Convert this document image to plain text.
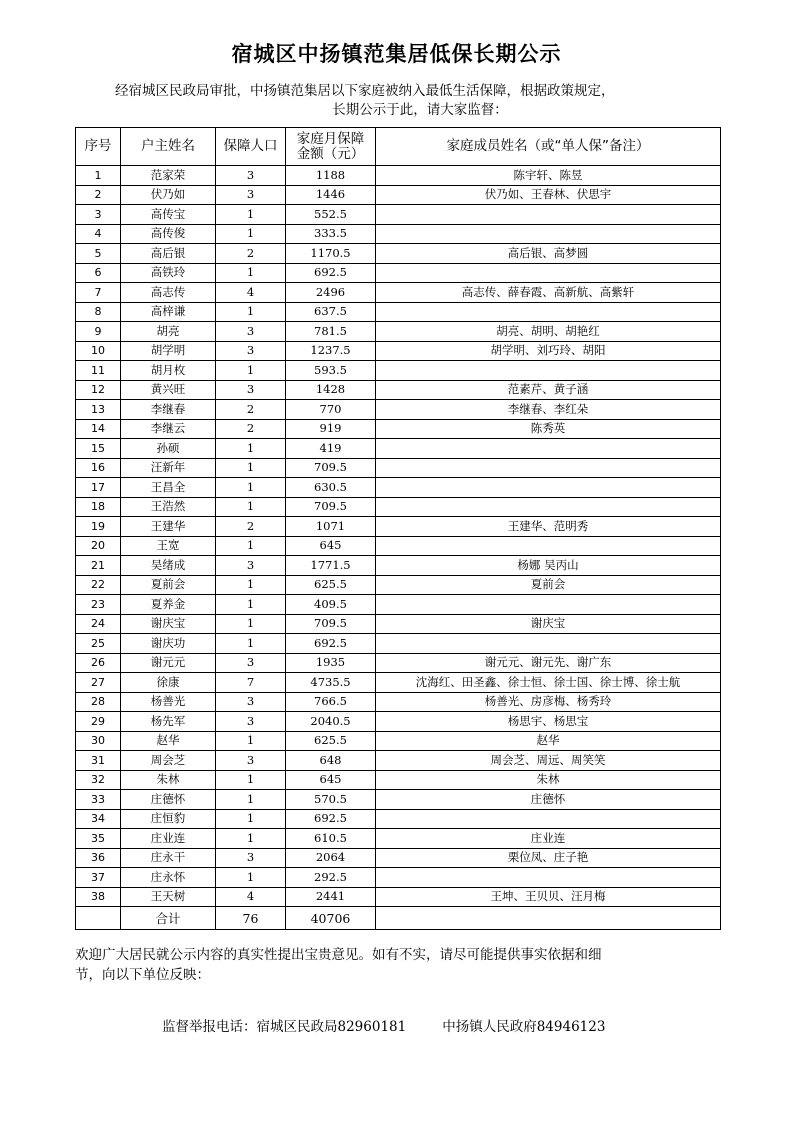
宿城区中扬镇范集居低保长期公示
经宿城区民政局审批，中扬镇范集居以下家庭被纳入最低生活保障，根据政策规定，
长期公示于此，请大家监督：
序号	户主姓名	保障人口	家庭月保障
金额（元）	家庭成员姓名（或“单人保”备注）
1	范家荣	3	1188	陈宇轩、陈昱
2	伏乃如	3	1446	伏乃如、王春林、伏思宇
3	高传宝	1	552.5	
4	高传俊	1	333.5	
5	高后银	2	1170.5	高后银、高梦圆
6	高铁玲	1	692.5	
7	高志传	4	2496	高志传、薛春霞、高新航、高紫轩
8	高梓谦	1	637.5	
9	胡亮	3	781.5	胡亮、胡明、胡艳红
10	胡学明	3	1237.5	胡学明、刘巧玲、胡阳
11	胡月枚	1	593.5	
12	黄兴旺	3	1428	范素芹、黄子涵
13	李继春	2	770	李继春、李红朵
14	李继云	2	919	陈秀英
15	孙硕	1	419	
16	汪新年	1	709.5	
17	王昌全	1	630.5	
18	王浩然	1	709.5	
19	王建华	2	1071	王建华、范明秀
20	王宽	1	645	
21	吴绪成	3	1771.5	杨娜 吴丙山
22	夏前会	1	625.5	夏前会
23	夏养金	1	409.5	
24	谢庆宝	1	709.5	谢庆宝
25	谢庆功	1	692.5	
26	谢元元	3	1935	谢元元、谢元先、谢广东
27	徐康	7	4735.5	沈海红、田圣鑫、徐士恒、徐士国、徐士博、徐士航
28	杨善光	3	766.5	杨善光、房彦梅、杨秀玲
29	杨先军	3	2040.5	杨思宇、杨思宝
30	赵华	1	625.5	赵华
31	周会芝	3	648	周会芝、周远、周笑笑
32	朱林	1	645	朱林
33	庄德怀	1	570.5	庄德怀
34	庄恒豹	1	692.5	
35	庄业连	1	610.5	庄业连
36	庄永干	3	2064	栗位凤、庄子艳
37	庄永怀	1	292.5	
38	王天树	4	2441	王坤、王贝贝、汪月梅
	合计	76	40706	
欢迎广大居民就公示内容的真实性提出宝贵意见。如有不实，请尽可能提供事实依据和细
节，向以下单位反映：
监督举报电话：宿城区民政局82960181	中扬镇人民政府84946123
